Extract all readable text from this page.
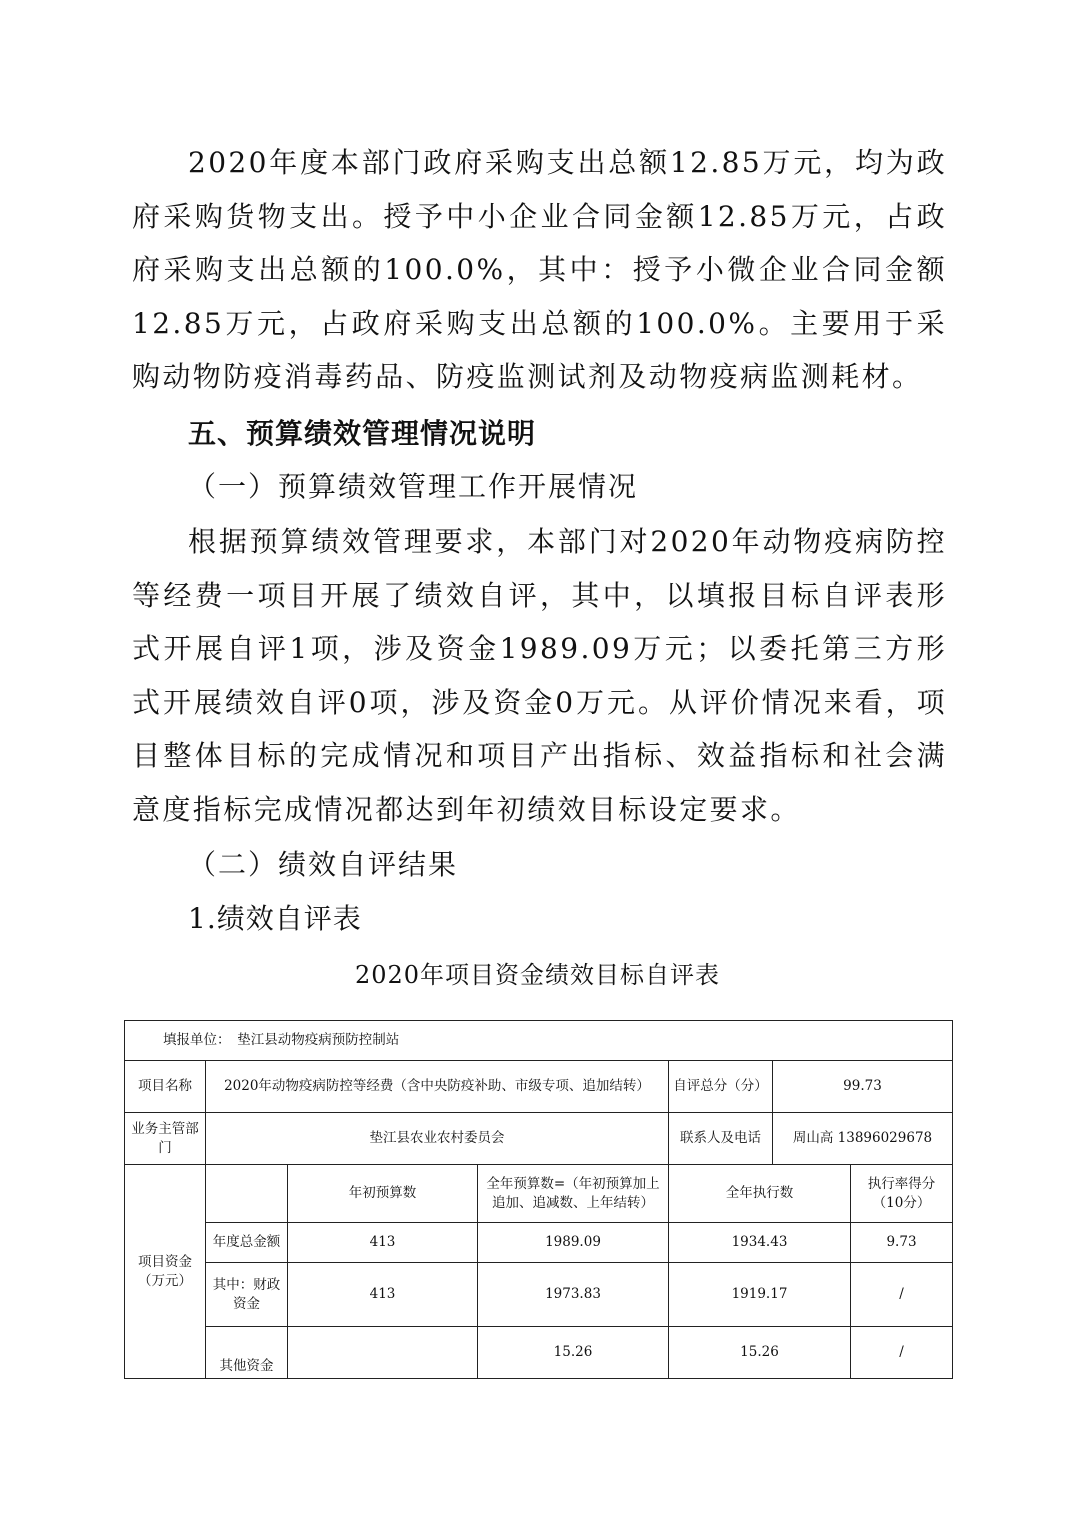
2020年度本部门政府采购支出总额12.85万元，均为政府采购货物支出。授予中小企业合同金额12.85万元，占政府采购支出总额的100.0%，其中：授予小微企业合同金额12.85万元，占政府采购支出总额的100.0%。主要用于采购动物防疫消毒药品、防疫监测试剂及动物疫病监测耗材。

五、预算绩效管理情况说明

（一）预算绩效管理工作开展情况

根据预算绩效管理要求，本部门对2020年动物疫病防控等经费一项目开展了绩效自评，其中，以填报目标自评表形式开展自评1项，涉及资金1989.09万元；以委托第三方形式开展绩效自评0项，涉及资金0万元。从评价情况来看，项目整体目标的完成情况和项目产出指标、效益指标和社会满意度指标完成情况都达到年初绩效目标设定要求。

（二）绩效自评结果

1.绩效自评表

2020年项目资金绩效目标自评表

填报单位：　垫江县动物疫病预防控制站						
项目名称	2020年动物疫病防控等经费（含中央防疫补助、市级专项、追加结转）			自评总分（分）	99.73	
业务主管部门	垫江县农业农村委员会			联系人及电话	周山高 13896029678	
项目资金（万元）		年初预算数	全年预算数=（年初预算加上追加、追减数、上年结转）	全年执行数		执行率得分（10分）
	年度总金额	413	1989.09	1934.43		9.73
	其中：财政资金	413	1973.83	1919.17		/
	其他资金		15.26	15.26		/
